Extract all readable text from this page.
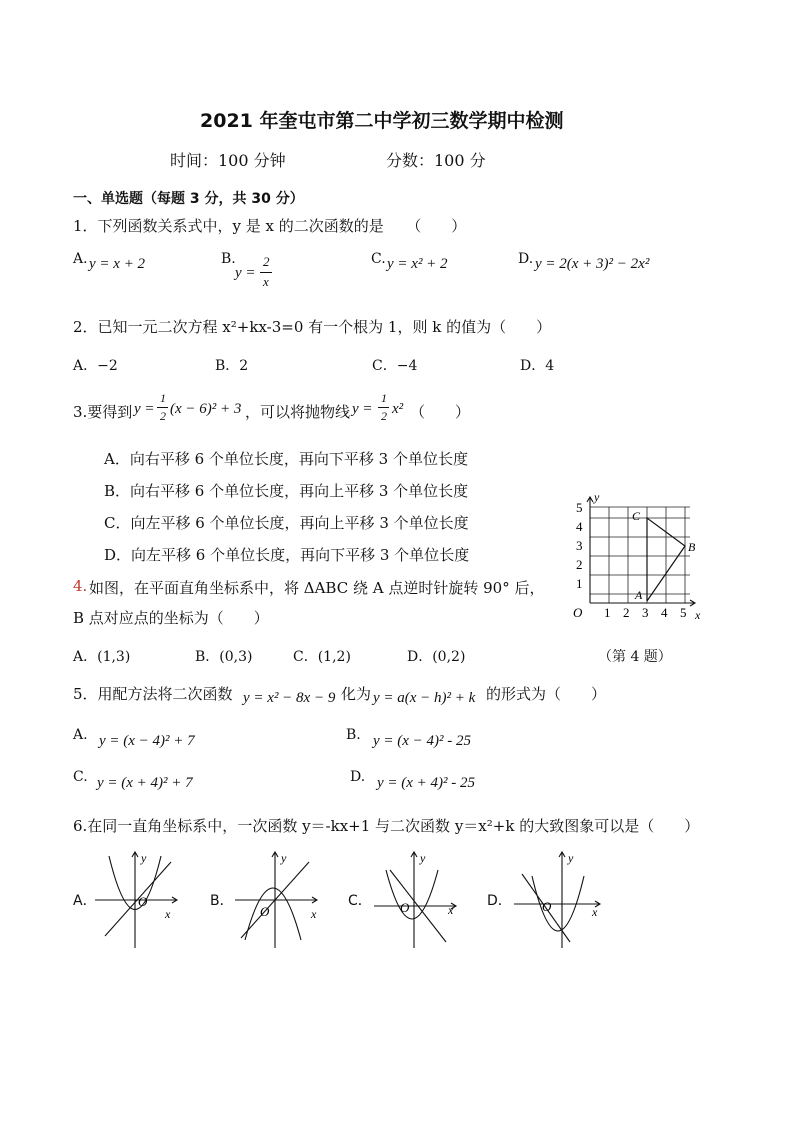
2021 年奎屯市第二中学初三数学期中检测
时间：100 分钟	分数：100 分
一、单选题（每题 3 分，共 30 分）
1．下列函数关系式中，y 是 x 的二次函数的是　　（　　）
A. y = x + 2	B.
y =
2
x
C. y = x² + 2	D. y = 2(x + 3)² − 2x²
2．已知一元二次方程 x²+kx-3=0 有一个根为 1，则 k 的值为（　　）
A．−2	B．2	C．−4	D．4
3.要得到 y =
1
2 (x − 6)² + 3 ，可以将抛物线 y =
1
2 x² （　　）
A．向右平移 6 个单位长度，再向下平移 3 个单位长度
B．向右平移 6 个单位长度，再向上平移 3 个单位长度
C．向左平移 6 个单位长度，再向上平移 3 个单位长度
D．向左平移 6 个单位长度，再向下平移 3 个单位长度
y
x
O
5
4
3
2
1
1 2 3 4 5
C
B
A
4. 如图，在平面直角坐标系中，将 ΔABC 绕 A 点逆时针旋转 90° 后，
B 点对应点的坐标为（　　）
A．(1,3)	B．(0,3)	C．(1,2)	D．(0,2)	（第 4 题）
5．用配方法将二次函数 y = x² − 8x − 9 化为 y = a(x − h)² + k 的形式为（　　）
A. y = (x − 4)² + 7	B. y = (x − 4)² - 25
C. y = (x + 4)² + 7	D. y = (x + 4)² - 25
6.在同一直角坐标系中，一次函数 y＝-kx+1 与二次函数 y＝x²+k 的大致图象可以是（　　）
A．
y
x
O	B．
y
x
O
C．
y
x
O	D．
y
x
O
